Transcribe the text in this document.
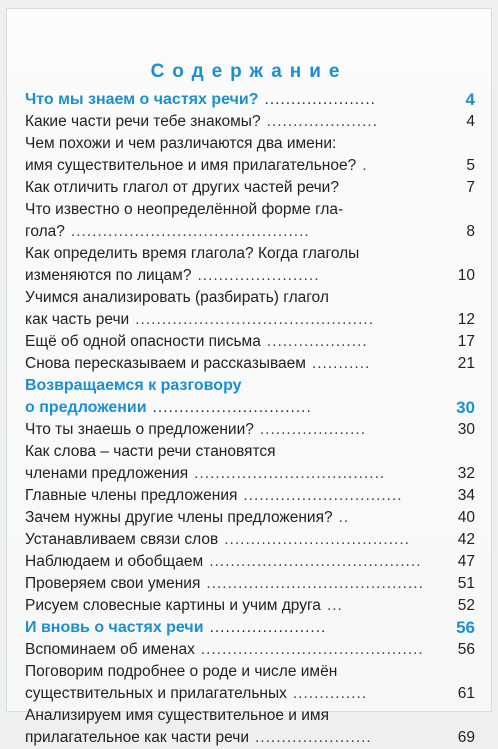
Содержание
Что мы знаем о частях речи?	4
.....................
Какие части речи тебе знакомы?	4
.....................
Чем похожи и чем различаются два имени:
имя существительное и имя прилагательное?	5
.
Как отличить глагол от других частей речи?	7
Что известно о неопределённой форме гла-
гола?	8
.............................................
Как определить время глагола? Когда глаголы
изменяются по лицам?	10
.......................
Учимся анализировать (разбирать) глагол
как часть речи	12
.............................................
Ещё об одной опасности письма	17
...................
Снова пересказываем и рассказываем	21
...........
Возвращаемся к разговору
о предложении	30
..............................
Что ты знаешь о предложении?	30
....................
Как слова – части речи становятся
членами предложения	32
....................................
Главные члены предложения	34
..............................
Зачем нужны другие члены предложения?	40
..
Устанавливаем связи слов	42
...................................
Наблюдаем и обобщаем	47
........................................
Проверяем свои умения	51
.........................................
Рисуем словесные картины и учим друга	52
...
И вновь о частях речи	56
......................
Вспоминаем об именах	56
..........................................
Поговорим подробнее о роде и числе имён
существительных и прилагательных	61
..............
Анализируем имя существительное и имя
прилагательное как части речи	69
......................
